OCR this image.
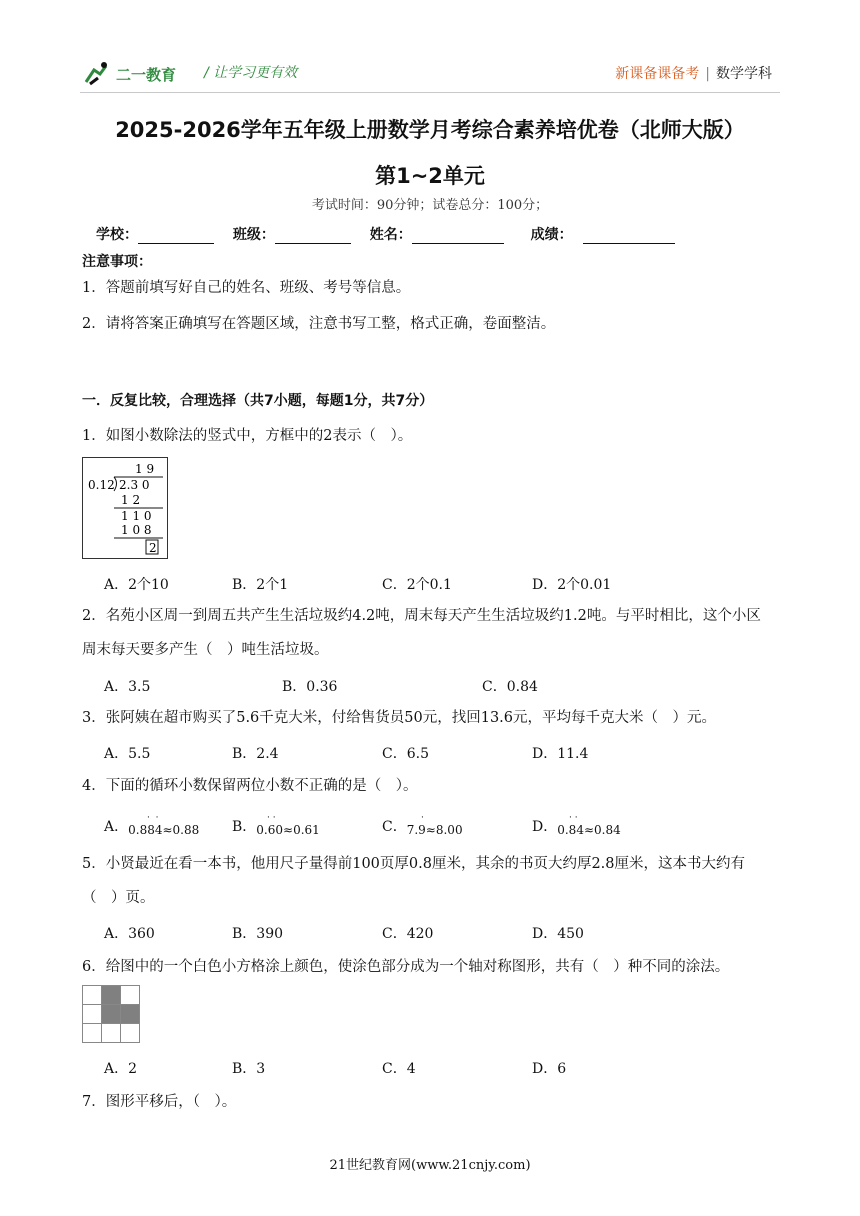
二一教育 / 让学习更有效	新课备课备考 | 数学学科
2025-2026学年五年级上册数学月考综合素养培优卷（北师大版）
第1~2单元
考试时间：90分钟；试卷总分：100分；
学校：	班级：	姓名：	成绩：
注意事项：
1．答题前填写好自己的姓名、班级、考号等信息。
2．请将答案正确填写在答题区域，注意书写工整，格式正确，卷面整洁。
一．反复比较，合理选择（共7小题，每题1分，共7分）
1．如图小数除法的竖式中，方框中的2表示（　）。
1 9
0.12 2.3 0
1 2
1 1 0
1 0 8
2
A．2个10	B．2个1	C．2个0.1	D．2个0.01
2．名苑小区周一到周五共产生生活垃圾约4.2吨，周末每天产生生活垃圾约1.2吨。与平时相比，这个小区
周末每天要多产生（　）吨生活垃圾。
A．3.5	B．0.36	C．0.84
3．张阿姨在超市购买了5.6千克大米，付给售货员50元，找回13.6元，平均每千克大米（　）元。
A．5.5	B．2.4	C．6.5	D．11.4
4．下面的循环小数保留两位小数不正确的是（　）。
A．0.884≈0.88 B．0.60≈0.61	C．7.9≈8.00	D．0.84≈0.84
·  ·	· ·	·	· ·
5．小贤最近在看一本书，他用尺子量得前100页厚0.8厘米，其余的书页大约厚2.8厘米，这本书大约有
（　）页。
A．360	B．390	C．420	D．450
6．给图中的一个白色小方格涂上颜色，使涂色部分成为一个轴对称图形，共有（　）种不同的涂法。
A．2	B．3	C．4	D．6
7．图形平移后，（　）。
21世纪教育网(www.21cnjy.com)
